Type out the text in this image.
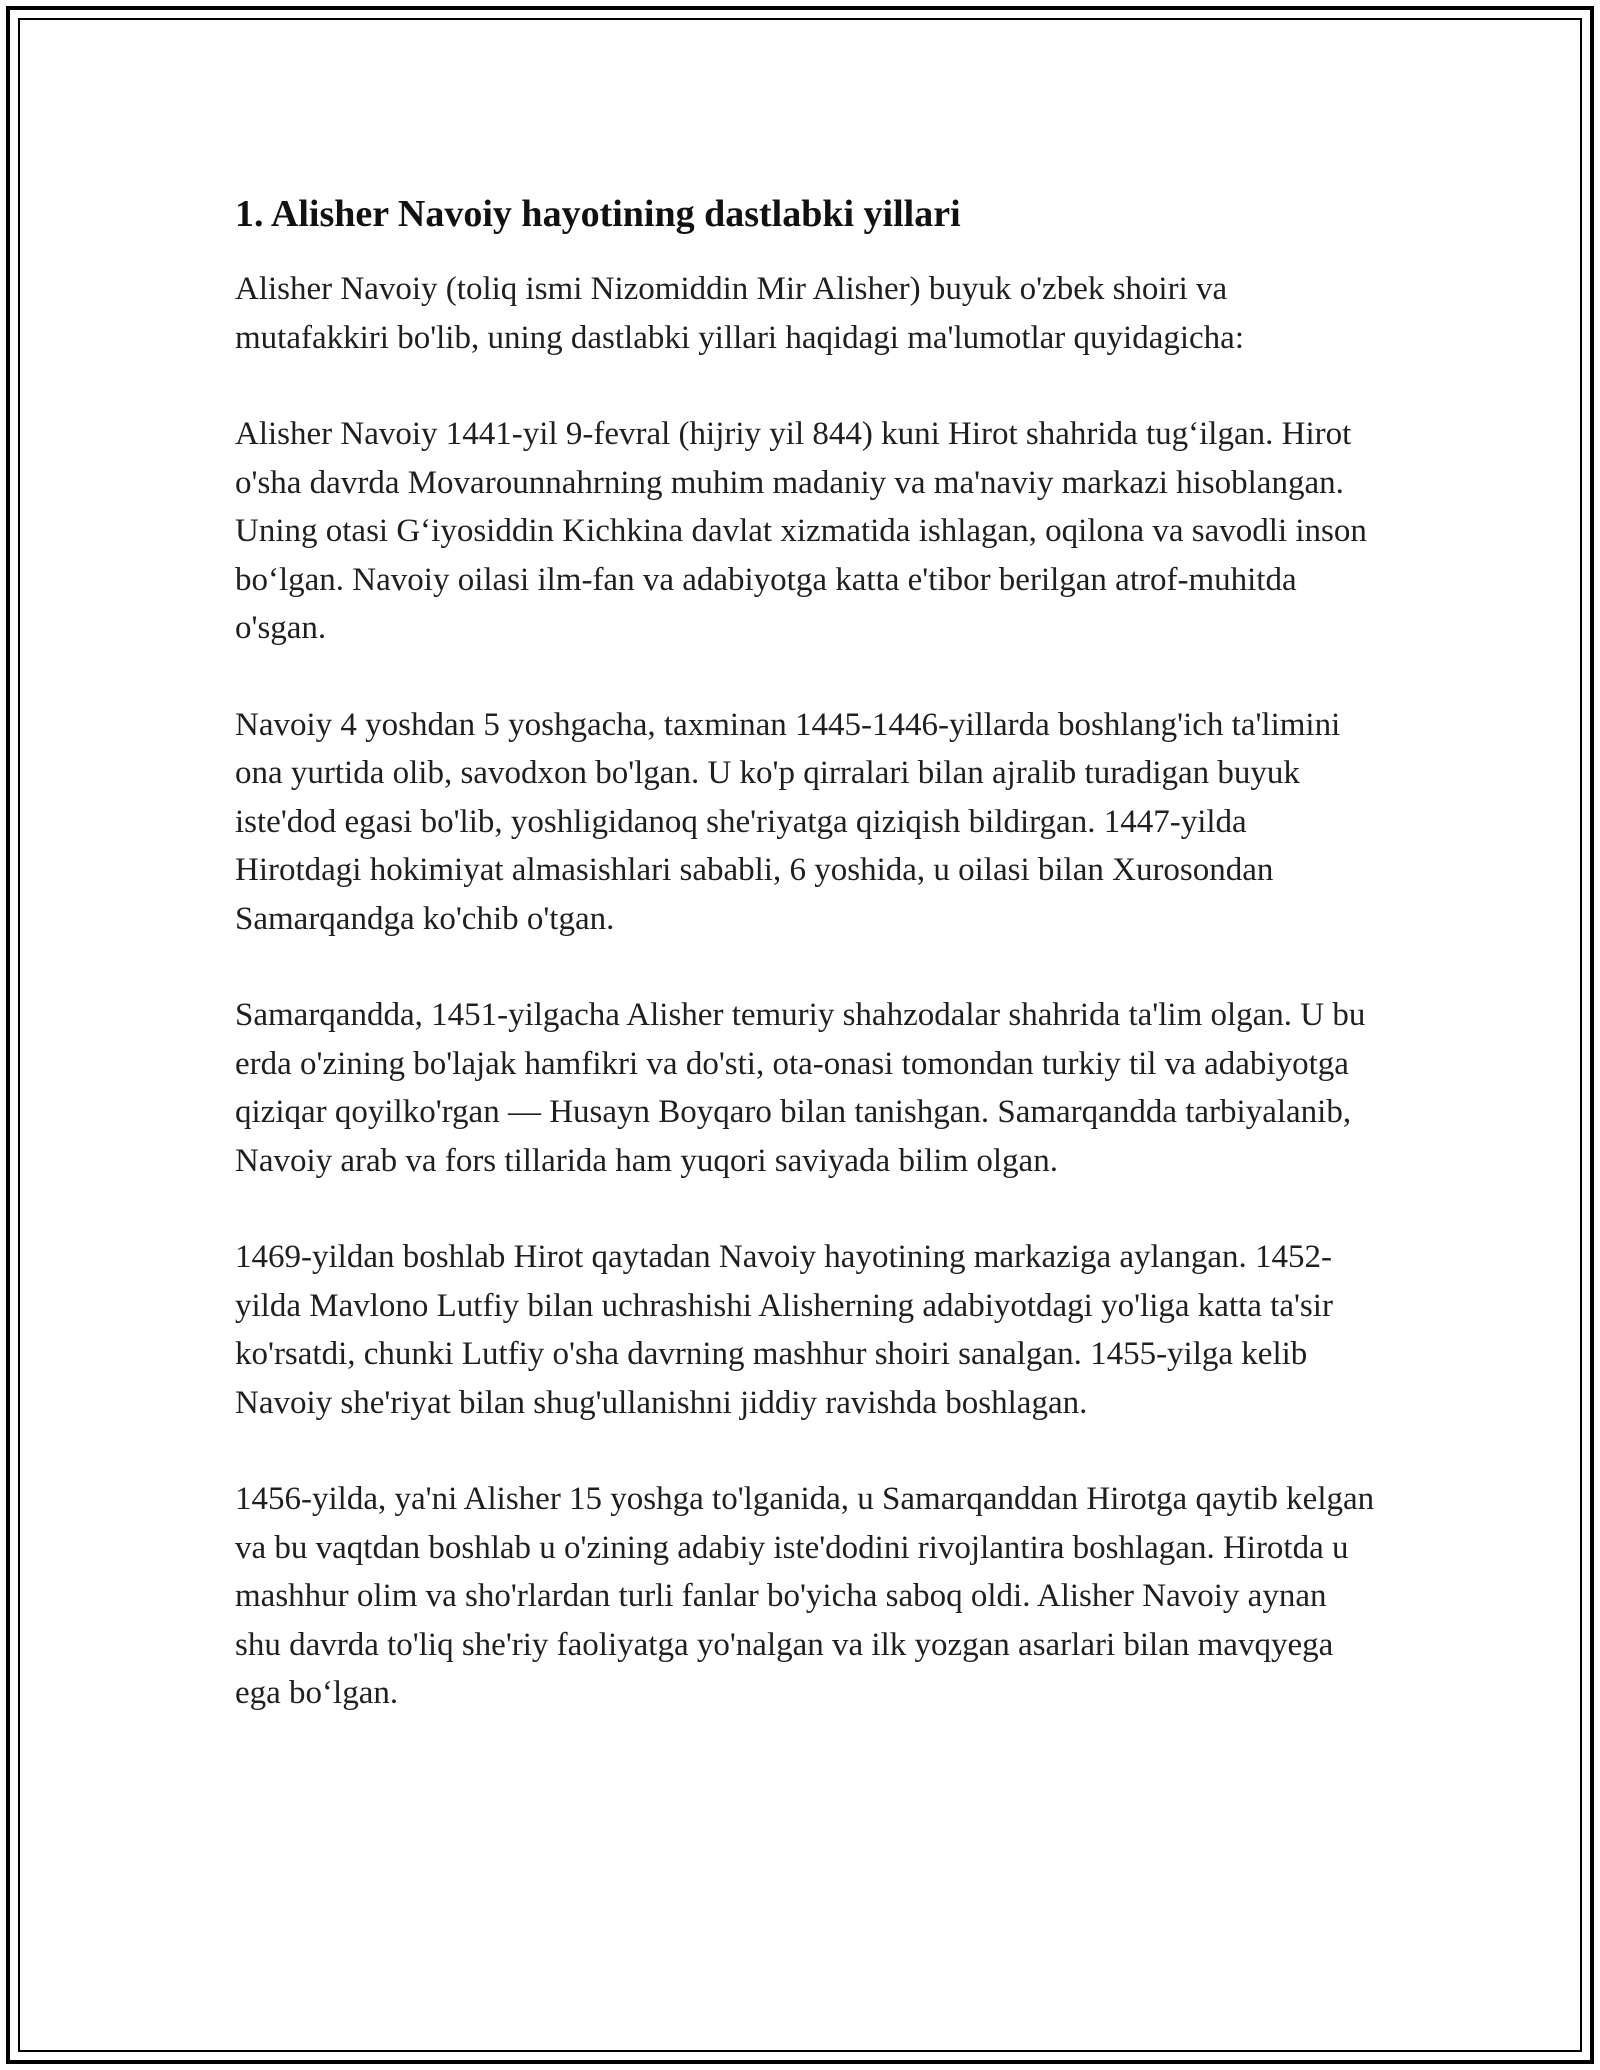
1. Alisher Navoiy hayotining dastlabki yillari

Alisher Navoiy (toliq ismi Nizomiddin Mir Alisher) buyuk o'zbek shoiri va mutafakkiri bo'lib, uning dastlabki yillari haqidagi ma'lumotlar quyidagicha:

Alisher Navoiy 1441-yil 9-fevral (hijriy yil 844) kuni Hirot shahrida tug‘ilgan. Hirot o'sha davrda Movarounnahrning muhim madaniy va ma'naviy markazi hisoblangan. Uning otasi G‘iyosiddin Kichkina davlat xizmatida ishlagan, oqilona va savodli inson bo‘lgan. Navoiy oilasi ilm-fan va adabiyotga katta e'tibor berilgan atrof-muhitda o'sgan.

Navoiy 4 yoshdan 5 yoshgacha, taxminan 1445-1446-yillarda boshlang'ich ta'limini ona yurtida olib, savodxon bo'lgan. U ko'p qirralari bilan ajralib turadigan buyuk iste'dod egasi bo'lib, yoshligidanoq she'riyatga qiziqish bildirgan. 1447-yilda Hirotdagi hokimiyat almasishlari sababli, 6 yoshida, u oilasi bilan Xurosondan Samarqandga ko'chib o'tgan.

Samarqandda, 1451-yilgacha Alisher temuriy shahzodalar shahrida ta'lim olgan. U bu erda o'zining bo'lajak hamfikri va do'sti, ota-onasi tomondan turkiy til va adabiyotga qiziqar qoyilko'rgan — Husayn Boyqaro bilan tanishgan. Samarqandda tarbiyalanib, Navoiy arab va fors tillarida ham yuqori saviyada bilim olgan.

1469-yildan boshlab Hirot qaytadan Navoiy hayotining markaziga aylangan. 1452-yilda Mavlono Lutfiy bilan uchrashishi Alisherning adabiyotdagi yo'liga katta ta'sir ko'rsatdi, chunki Lutfiy o'sha davrning mashhur shoiri sanalgan. 1455-yilga kelib Navoiy she'riyat bilan shug'ullanishni jiddiy ravishda boshlagan.

1456-yilda, ya'ni Alisher 15 yoshga to'lganida, u Samarqanddan Hirotga qaytib kelgan va bu vaqtdan boshlab u o'zining adabiy iste'dodini rivojlantira boshlagan. Hirotda u mashhur olim va sho'rlardan turli fanlar bo'yicha saboq oldi. Alisher Navoiy aynan shu davrda to'liq she'riy faoliyatga yo'nalgan va ilk yozgan asarlari bilan mavqyega ega bo‘lgan.
